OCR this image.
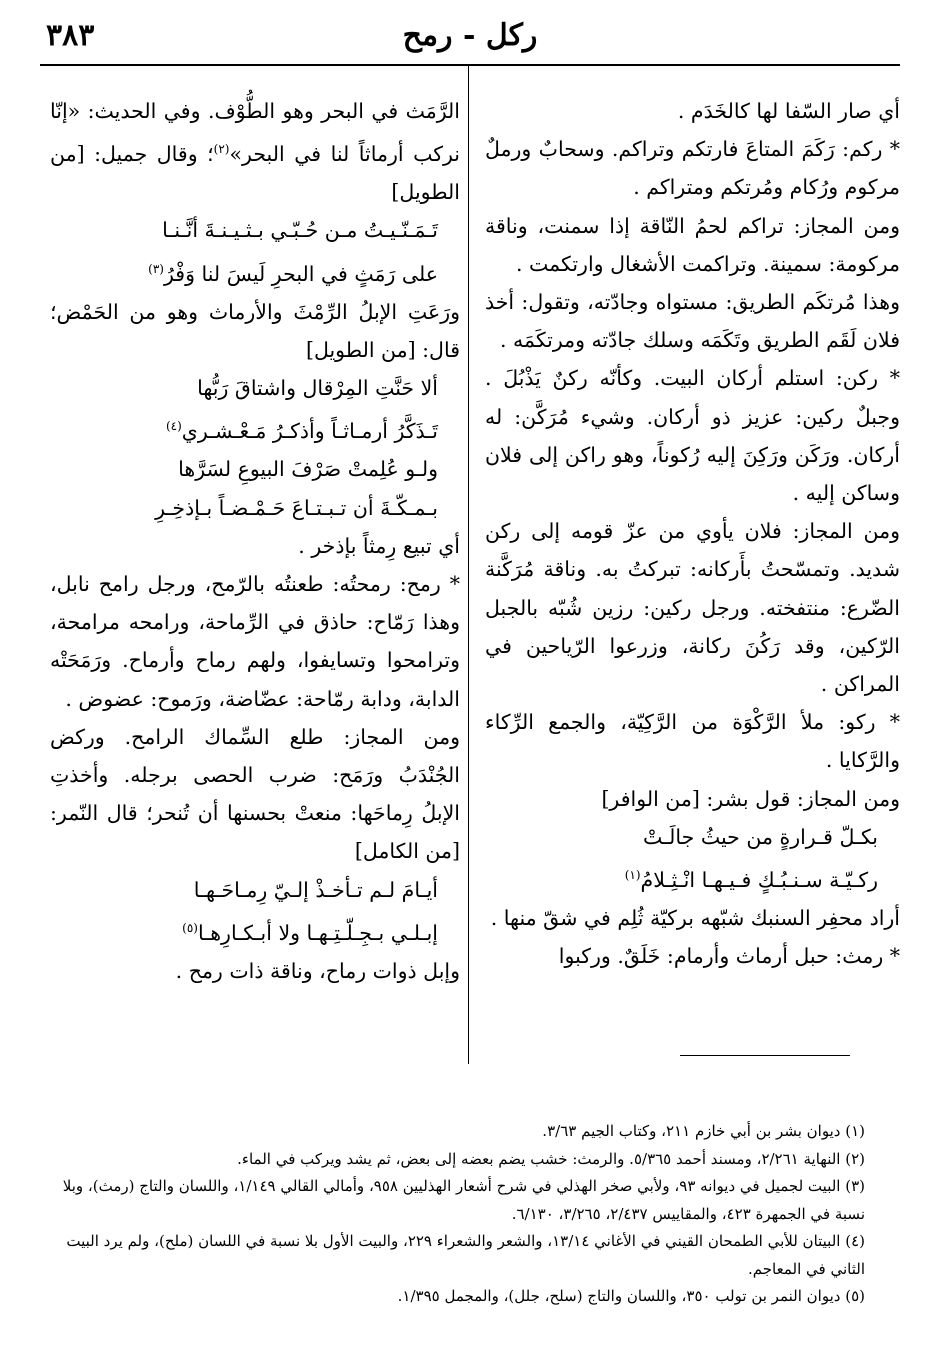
٣٨٣	ركل - رمح

أي صار السّفا لها كالخَدَم .

* ركم: رَكَمَ المتاعَ فارتكم وتراكم. وسحابٌ ورملٌ مركوم ورُكام ومُرتكم ومتراكم .

ومن المجاز: تراكم لحمُ النّاقة إذا سمنت، وناقة مركومة: سمينة. وتراكمت الأشغال وارتكمت .

وهذا مُرتكَم الطريق: مستواه وجادّته، وتقول: أخذ فلان لَقَم الطريق وتَكَمَه وسلك جادّته ومرتكَمَه .

* ركن: استلم أركان البيت. وكأنّه ركنٌ يَذْبُلَ . وجبلٌ ركين: عزيز ذو أركان. وشيء مُرَكَّن: له أركان. ورَكَن ورَكِنَ إليه رُكوناً، وهو راكن إلى فلان وساكن إليه .

ومن المجاز: فلان يأوي من عزّ قومه إلى ركن شديد. وتمسّحتُ بأَركانه: تبركتُ به. وناقة مُرَكَّنة الضّرع: منتفخته. ورجل ركين: رزين شُبّه بالجبل الرّكين، وقد رَكُنَ ركانة، وزرعوا الرّياحين في المراكن .

* ركو: ملأ الرَّكْوَة من الرَّكِيّة، والجمع الرِّكاء والرَّكايا .

ومن المجاز: قول بشر: [من الوافر]

بكـلّ قـرارةٍ من حيثُ جالَـتْ
ركـيّـة سـنـبُـكٍ فـيـهـا انْـثِـلامُ$^{(١)}$

أراد محفِر السنبك شبّهه بركيّة ثُلِم في شقّ منها .

* رمث: حبل أرماث وأرمام: خَلَقٌ. وركبوا

الرَّمَث في البحر وهو الطُّوْف. وفي الحديث: «إنّا نركب أرماثاً لنا في البحر»$^{(٢)}$؛ وقال جميل: [من الطويل]

تَـمَـنّـيـتُ مـن حُـبّـي بـثـيـنـةَ أنَّـنـا
على رَمَثٍ في البحرِ لَيسَ لنا وَفْرُ$^{(٣)}$

ورَعَتِ الإبلُ الرِّمْثَ والأرماث وهو من الحَمْض؛ قال: [من الطويل]

ألا حَنَّتِ المِرْقال واشتاقَ رَبُّها
تَـذَكَّرُ أرمـاثـاً وأذكـرُ مَـعْـشـري$^{(٤)}$
ولـو عُلِمتْ صَرْفَ البيوعِ لسَرَّها
بـمـكّـةَ أن تـبـتـاعَ حَـمْـضـاً بـإذخِـرِ

أي تبيع رِمثاً بإذخر .

* رمح: رمحتُه: طعنتُه بالرّمح، ورجل رامح نابل، وهذا رَمّاح: حاذق في الرِّماحة، ورامحه مرامحة، وترامحوا وتسايفوا، ولهم رماح وأرماح. ورَمَحَتْه الدابة، ودابة رمّاحة: عضّاضة، ورَموح: عضوض .

ومن المجاز: طلع السِّماك الرامح. وركض الجُنْدَبُ ورَمَح: ضرب الحصى برجله. وأخذتِ الإبلُ رِماحَها: منعتْ بحسنها أن تُنحر؛ قال النّمر: [من الكامل]

أيـامَ لـم تـأخـذْ إلـيّ رِمـاحَـهـا
إبـلـي بـجِـلّـتِـهـا ولا أبـكـارِهـا$^{(٥)}$

وإبل ذوات رماح، وناقة ذات رمح .

(١) ديوان بشر بن أبي خازم ٢١١، وكتاب الجيم ٣/٦٣.

(٢) النهاية ٢/٢٦١، ومسند أحمد ٥/٣٦٥. والرمث: خشب يضم بعضه إلى بعض، ثم يشد ويركب في الماء.

(٣) البيت لجميل في ديوانه ٩٣، ولأبي صخر الهذلي في شرح أشعار الهذليين ٩٥٨، وأمالي القالي ١/١٤٩، واللسان والتاج (رمث)، وبلا نسبة في الجمهرة ٤٢٣، والمقاييس ٢/٤٣٧، ٣/٢٦٥، ٦/١٣٠.

(٤) البيتان للأبي الطمحان القيني في الأغاني ١٣/١٤، والشعر والشعراء ٢٢٩، والبيت الأول بلا نسبة في اللسان (ملح)، ولم يرد البيت الثاني في المعاجم.

(٥) ديوان النمر بن تولب ٣٥٠، واللسان والتاج (سلح، جلل)، والمجمل ١/٣٩٥.
